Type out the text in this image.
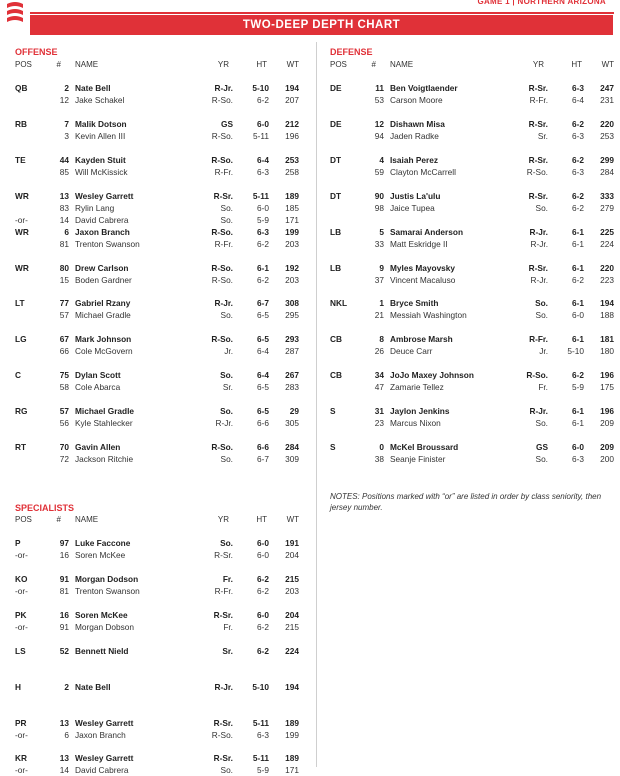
GAME 1 | NORTHERN ARIZONA
TWO-DEEP DEPTH CHART
OFFENSE
POS	# NAME	YR	HT	WT
QB	2 Nate Bell	R-Jr.	5-10	194
12 Jake Schakel	R-So.	6-2	207
RB	7 Malik Dotson	GS	6-0	212
3 Kevin Allen III	R-So.	5-11	196
TE	44 Kayden Stuit	R-So.	6-4	253
85 Will McKissick	R-Fr.	6-3	258
WR	13 Wesley Garrett	R-Sr.	5-11	189
83 Rylin Lang	So.	6-0	185
-or-	14 David Cabrera	So.	5-9	171
WR	6 Jaxon Branch	R-So.	6-3	199
81 Trenton Swanson	R-Fr.	6-2	203
WR	80 Drew Carlson	R-So.	6-1	192
15 Boden Gardner	R-So.	6-2	203
LT	77 Gabriel Rzany	R-Jr.	6-7	308
57 Michael Gradle	So.	6-5	295
LG	67 Mark Johnson	R-So.	6-5	293
66 Cole McGovern	Jr.	6-4	287
C	75 Dylan Scott	So.	6-4	267
58 Cole Abarca	Sr.	6-5	283
RG	57 Michael Gradle	So.	6-5	29
56 Kyle Stahlecker	R-Jr.	6-6	305
RT	70 Gavin Allen	R-So.	6-6	284
72 Jackson Ritchie	So.	6-7	309
SPECIALISTS
POS	# NAME	YR	HT	WT
P	97 Luke Faccone	So.	6-0	191
-or-	16 Soren McKee	R-Sr.	6-0	204
KO	91 Morgan Dodson	Fr.	6-2	215
-or-	81 Trenton Swanson	R-Fr.	6-2	203
PK	16 Soren McKee	R-Sr.	6-0	204
-or-	91 Morgan Dobson	Fr.	6-2	215
LS	52 Bennett Nield	Sr.	6-2	224
H	2 Nate Bell	R-Jr.	5-10	194
PR	13 Wesley Garrett	R-Sr.	5-11	189
-or-	6 Jaxon Branch	R-So.	6-3	199
KR	13 Wesley Garrett	R-Sr.	5-11	189
-or-	14 David Cabrera	So.	5-9	171
DEFENSE
POS	# NAME	YR	HT	WT
DE	11 Ben Voigtlaender	R-Sr.	6-3	247
53 Carson Moore	R-Fr.	6-4	231
DE	12 Dishawn Misa	R-Sr.	6-2	220
94 Jaden Radke	Sr.	6-3	253
DT	4 Isaiah Perez	R-Sr.	6-2	299
59 Clayton McCarrell	R-So.	6-3	284
DT	90 Justis La'ulu	R-Sr.	6-2	333
98 Jaice Tupea	So.	6-2	279
LB	5 Samarai Anderson	R-Jr.	6-1	225
33 Matt Eskridge II	R-Jr.	6-1	224
LB	9 Myles Mayovsky	R-Sr.	6-1	220
37 Vincent Macaluso	R-Jr.	6-2	223
NKL	1 Bryce Smith	So.	6-1	194
21 Messiah Washington	So.	6-0	188
CB	8 Ambrose Marsh	R-Fr.	6-1	181
26 Deuce Carr	Jr.	5-10	180
CB	34 JoJo Maxey Johnson	R-So.	6-2	196
47 Zamarie Tellez	Fr.	5-9	175
S	31 Jaylon Jenkins	R-Jr.	6-1	196
23 Marcus Nixon	So.	6-1	209
S	0 McKel Broussard	GS	6-0	209
38 Seanje Finister	So.	6-3	200
NOTES: Positions marked with “or” are listed in order by class seniority, then jersey number.
